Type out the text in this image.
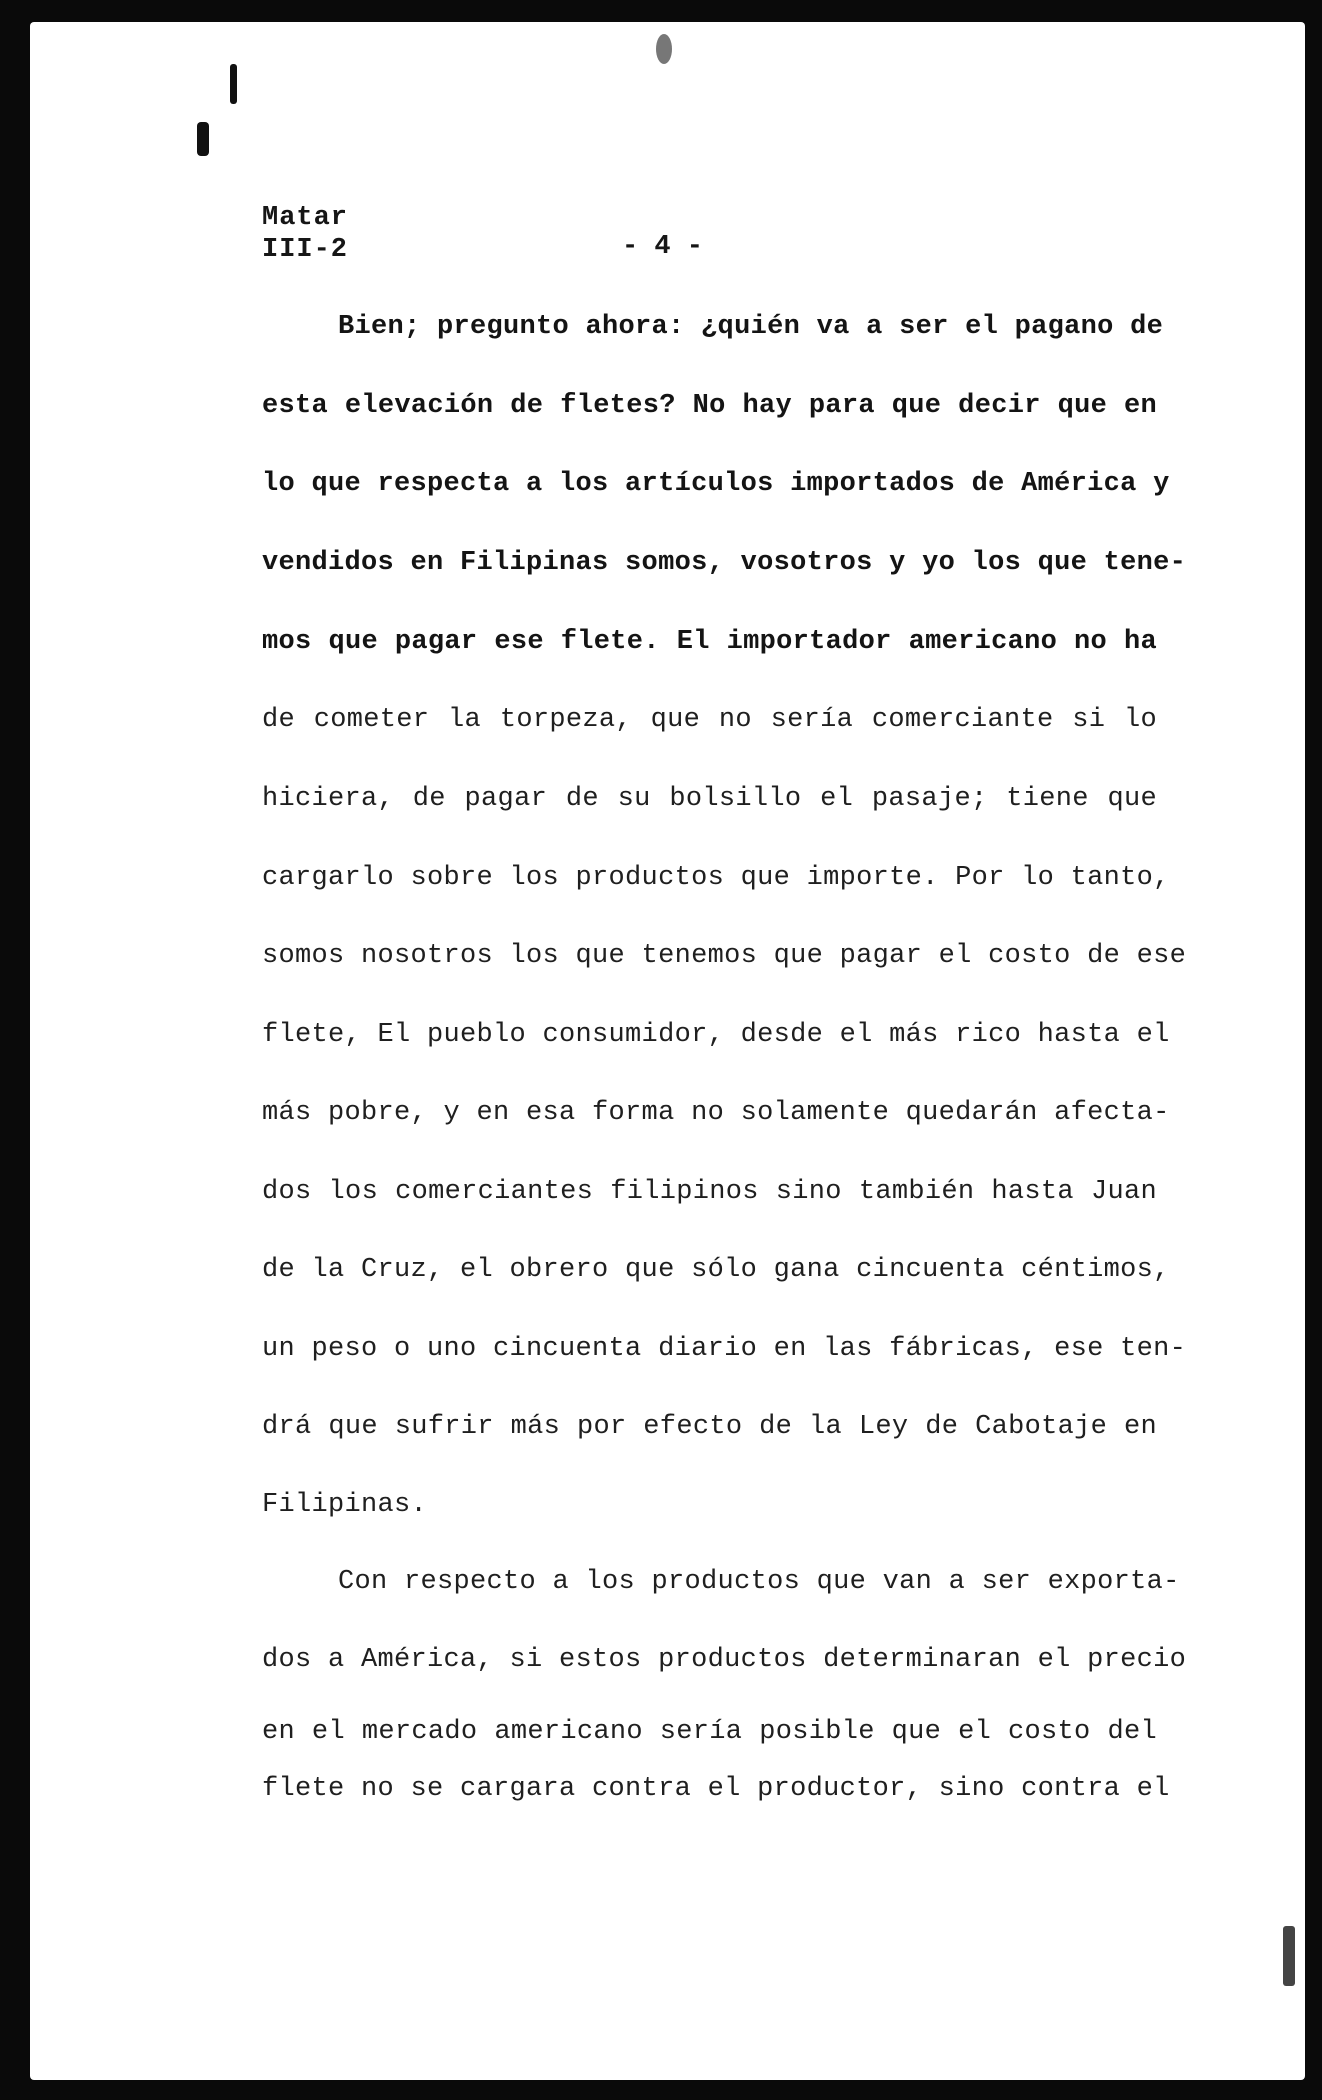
Matar
III-2	- 4 -
Bien; pregunto ahora: ¿quién va a ser el pagano de
esta elevación de fletes? No hay para que decir que en
lo que respecta a los artículos importados de América y
vendidos en Filipinas somos, vosotros y yo los que tene-
mos que pagar ese flete. El importador americano no ha
de cometer la torpeza, que no sería comerciante si lo
hiciera, de pagar de su bolsillo el pasaje; tiene que
cargarlo sobre los productos que importe. Por lo tanto,
somos nosotros los que tenemos que pagar el costo de ese
flete, El pueblo consumidor, desde el más rico hasta el
más pobre, y en esa forma no solamente quedarán afecta-
dos los comerciantes filipinos sino también hasta Juan
de la Cruz, el obrero que sólo gana cincuenta céntimos,
un peso o uno cincuenta diario en las fábricas, ese ten-
drá que sufrir más por efecto de la Ley de Cabotaje en
Filipinas.
Con respecto a los productos que van a ser exporta-
dos a América, si estos productos determinaran el precio
en el mercado americano sería posible que el costo del
flete no se cargara contra el productor, sino contra el
